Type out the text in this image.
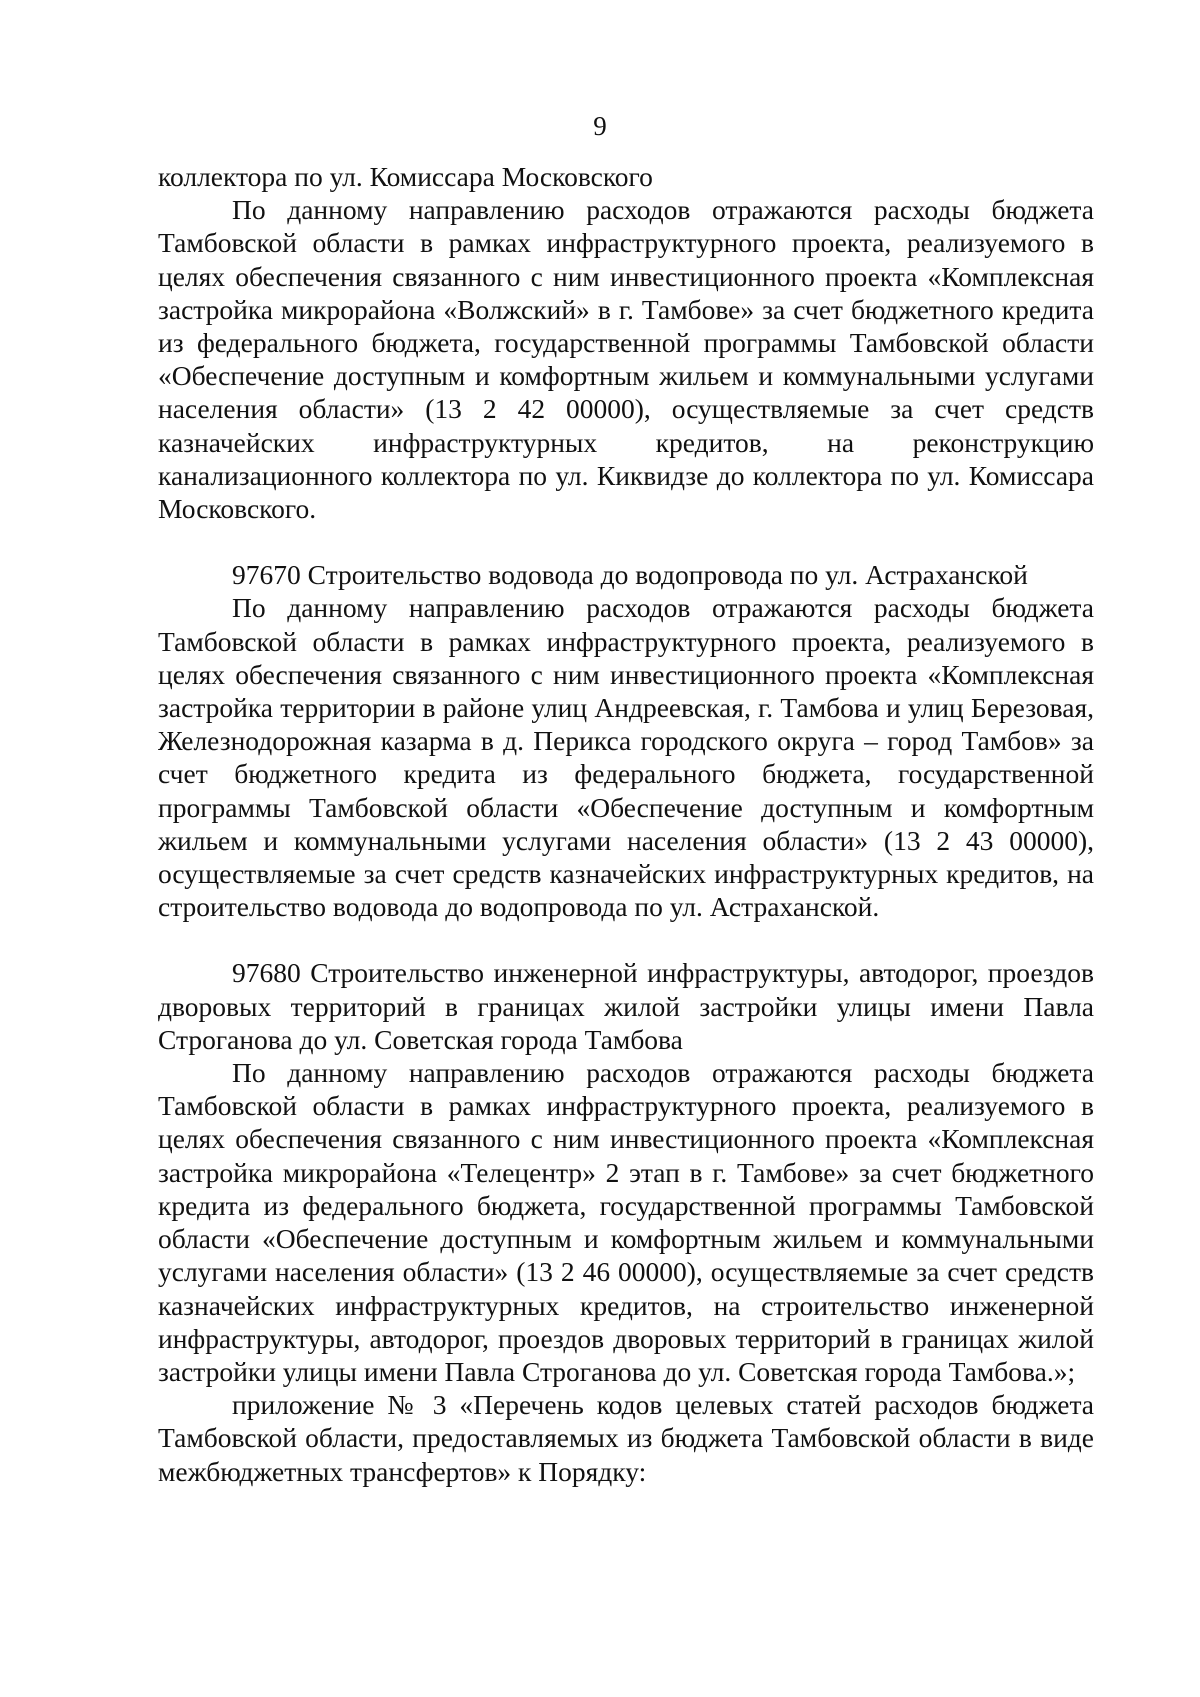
9

коллектора по ул. Комиссара Московского

По данному направлению расходов отражаются расходы бюджета Тамбовской области в рамках инфраструктурного проекта, реализуемого в целях обеспечения связанного с ним инвестиционного проекта «Комплексная застройка микрорайона «Волжский» в г. Тамбове» за счет бюджетного кредита из федерального бюджета, государственной программы Тамбовской области «Обеспечение доступным и комфортным жильем и коммунальными услугами населения области» (13 2 42 00000), осуществляемые за счет средств казначейских инфраструктурных кредитов, на реконструкцию канализационного коллектора по ул. Киквидзе до коллектора по ул. Комиссара Московского.

97670 Строительство водовода до водопровода по ул. Астраханской

По данному направлению расходов отражаются расходы бюджета Тамбовской области в рамках инфраструктурного проекта, реализуемого в целях обеспечения связанного с ним инвестиционного проекта «Комплексная застройка территории в районе улиц Андреевская, г. Тамбова и улиц Березовая, Железнодорожная казарма в д. Перикса городского округа – город Тамбов» за счет бюджетного кредита из федерального бюджета, государственной программы Тамбовской области «Обеспечение доступным и комфортным жильем и коммунальными услугами населения области» (13 2 43 00000), осуществляемые за счет средств казначейских инфраструктурных кредитов, на строительство водовода до водопровода по ул. Астраханской.

97680 Строительство инженерной инфраструктуры, автодорог, проездов дворовых территорий в границах жилой застройки улицы имени Павла Строганова до ул. Советская города Тамбова

По данному направлению расходов отражаются расходы бюджета Тамбовской области в рамках инфраструктурного проекта, реализуемого в целях обеспечения связанного с ним инвестиционного проекта «Комплексная застройка микрорайона «Телецентр» 2 этап в г. Тамбове» за счет бюджетного кредита из федерального бюджета, государственной программы Тамбовской области «Обеспечение доступным и комфортным жильем и коммунальными услугами населения области» (13 2 46 00000), осуществляемые за счет средств казначейских инфраструктурных кредитов, на строительство инженерной инфраструктуры, автодорог, проездов дворовых территорий в границах жилой застройки улицы имени Павла Строганова до ул. Советская города Тамбова.»;

приложение № 3 «Перечень кодов целевых статей расходов бюджета Тамбовской области, предоставляемых из бюджета Тамбовской области в виде межбюджетных трансфертов» к Порядку:
